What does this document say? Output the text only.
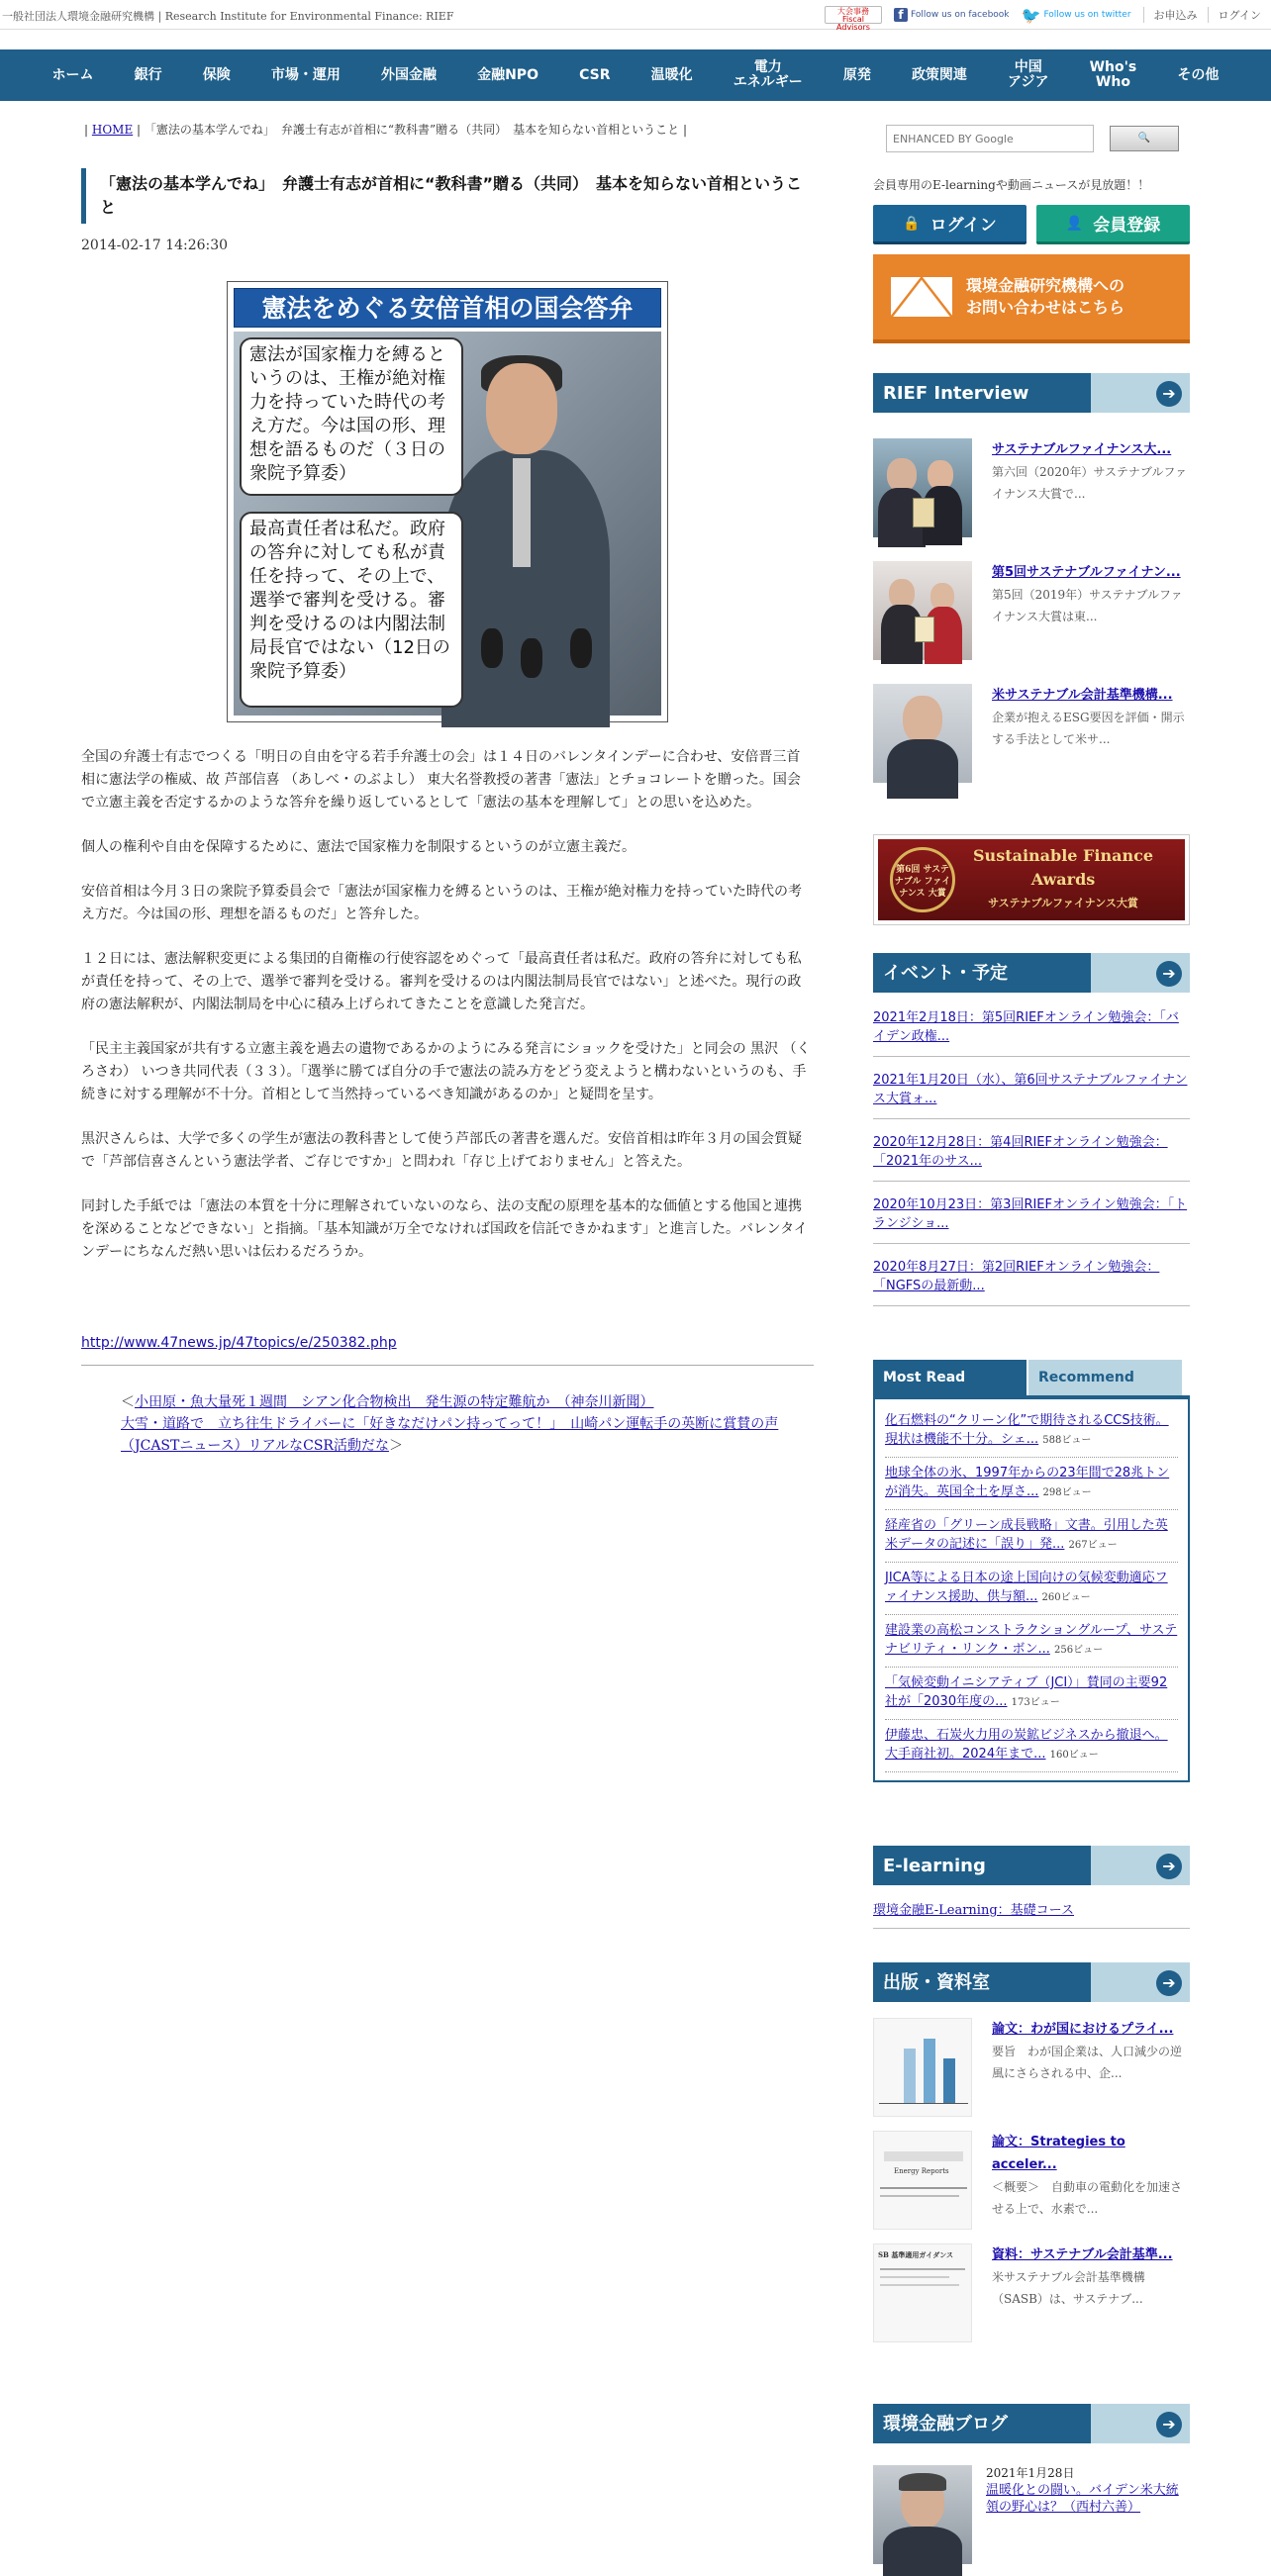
一般社団法人環境金融研究機構 | Research Institute for Environmental Finance: RIEF	大会事務 Fiscal Advisors
f Follow us on facebook 🐦 Follow us on twitter	お申込み	ログイン
ホーム	銀行	保険	市場・運用	外国金融	金融NPO	CSR	温暖化	電力
エネルギー	原発	政策関連	中国
アジア
Who's
Who	その他
| HOME | 「憲法の基本学んでね」　弁護士有志が首相に“教科書”贈る（共同）　基本を知らない首相ということ |
「憲法の基本学んでね」　弁護士有志が首相に“教科書”贈る（共同）　基本を知らない首相ということ
2014-02-17 14:26:30
憲法をめぐる安倍首相の国会答弁
憲法が国家権力を縛るというのは、王権が絶対権力を持っていた時代の考え方だ。今は国の形、理想を語るものだ（３日の衆院予算委）
最高責任者は私だ。政府の答弁に対しても私が責任を持って、その上で、選挙で審判を受ける。審判を受けるのは内閣法制局長官ではない（12日の衆院予算委）

全国の弁護士有志でつくる「明日の自由を守る若手弁護士の会」は１４日のバレンタインデーに合わせ、安倍晋三首相に憲法学の権威、故 芦部信喜 （あしべ・のぶよし） 東大名誉教授の著書「憲法」とチョコレートを贈った。国会で立憲主義を否定するかのような答弁を繰り返しているとして「憲法の基本を理解して」との思いを込めた。

個人の権利や自由を保障するために、憲法で国家権力を制限するというのが立憲主義だ。

安倍首相は今月３日の衆院予算委員会で「憲法が国家権力を縛るというのは、王権が絶対権力を持っていた時代の考え方だ。今は国の形、理想を語るものだ」と答弁した。

１２日には、憲法解釈変更による集団的自衛権の行使容認をめぐって「最高責任者は私だ。政府の答弁に対しても私が責任を持って、その上で、選挙で審判を受ける。審判を受けるのは内閣法制局長官ではない」と述べた。現行の政府の憲法解釈が、内閣法制局を中心に積み上げられてきたことを意識した発言だ。

「民主主義国家が共有する立憲主義を過去の遺物であるかのようにみる発言にショックを受けた」と同会の 黒沢 （くろさわ） いつき共同代表（３３）。「選挙に勝てば自分の手で憲法の読み方をどう変えようと構わないというのも、手続きに対する理解が不十分。首相として当然持っているべき知識があるのか」と疑問を呈す。

黒沢さんらは、大学で多くの学生が憲法の教科書として使う芦部氏の著書を選んだ。安倍首相は昨年３月の国会質疑で「芦部信喜さんという憲法学者、ご存じですか」と問われ「存じ上げておりません」と答えた。

同封した手紙では「憲法の本質を十分に理解されていないのなら、法の支配の原理を基本的な価値とする他国と連携を深めることなどできない」と指摘。「基本知識が万全でなければ国政を信託できかねます」と進言した。バレンタインデーにちなんだ熱い思いは伝わるだろうか。

http://www.47news.jp/47topics/e/250382.php
＜小田原・魚大量死１週間　シアン化合物検出　発生源の特定難航か　（神奈川新聞）
大雪・道路で　立ち往生ドライバーに「好きなだけパン持ってって！」　山崎パン運転手の英断に賞賛の声（JCASTニュース）リアルなCSR活動だな＞
ENHANCED BY Google
🔍
会員専用のE-learningや動画ニュースが見放題！！
🔒 ログイン	👤 会員登録
環境金融研究機構への
お問い合わせはこちら
RIEF Interview	➔
サステナブルファイナンス大...
第六回（2020年）サステナブルファイナンス大賞で...
第5回サステナブルファイナン...
第5回（2019年）サステナブルファイナンス大賞は東...
米サステナブル会計基準機構...
企業が抱えるESG要因を評価・開示する手法として米サ...
第6回 サステナブル ファイナンス 大賞
Sustainable Finance
Awards
サステナブルファイナンス大賞
イベント・予定	➔
2021年2月18日：第5回RIEFオンライン勉強会：「バイデン政権...
2021年1月20日（水）、第6回サステナブルファイナンス大賞ォ...
2020年12月28日：第4回RIEFオンライン勉強会：「2021年のサス...
2020年10月23日：第3回RIEFオンライン勉強会：「トランジショ...
2020年8月27日：第2回RIEFオンライン勉強会：「NGFSの最新動...
Most Read	Recommend
化石燃料の“クリーン化”で期待されるCCS技術。現状は機能不十分。シェ... 588ビュー
地球全体の氷、1997年からの23年間で28兆トンが消失。英国全土を厚さ... 298ビュー
経産省の「グリーン成長戦略」文書。引用した英米データの記述に「誤り」発... 267ビュー
JICA等による日本の途上国向けの気候変動適応ファイナンス援助、供与額... 260ビュー
建設業の高松コンストラクショングループ、サステナビリティ・リンク・ボン... 256ビュー
「気候変動イニシアティブ（JCI）」賛同の主要92社が「2030年度の... 173ビュー
伊藤忠、石炭火力用の炭鉱ビジネスから撤退へ。大手商社初。2024年まで... 160ビュー
E-learning	➔
環境金融E-Learning：基礎コース
出版・資料室	➔
論文：わが国におけるプライ...
要旨　わが国企業は、人口減少の逆風にさらされる中、企...
Energy Reports
論文：Strategies to acceler...
＜概要＞　自動車の電動化を加速させる上で、水素で...
SB 基準適用ガイダンス	資料：サステナブル会計基準...
米サステナブル会計基準機構（SASB）は、サステナブ...
環境金融ブログ	➔
2021年1月28日
温暖化との闘い。バイデン米大統領の野心は？（西村六善）
